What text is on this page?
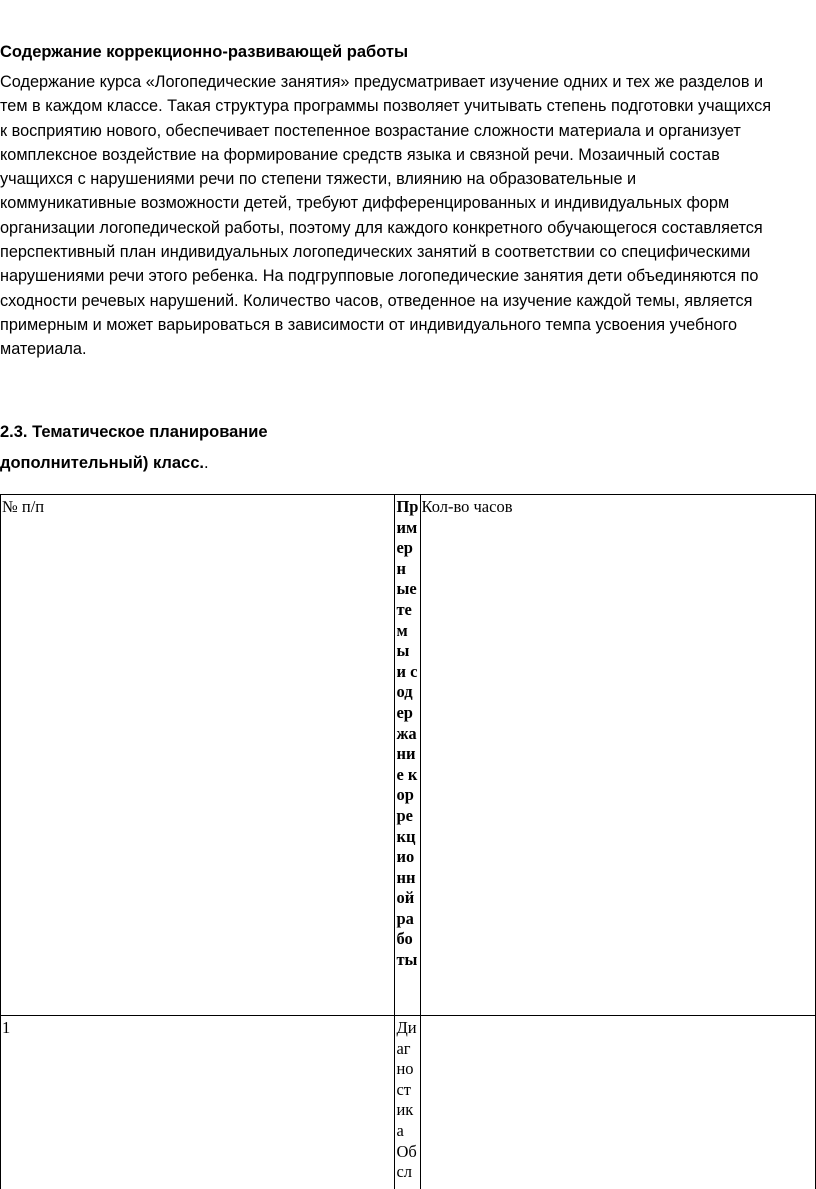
Содержание коррекционно-развивающей работы
Содержание курса «Логопедические занятия» предусматривает изучение одних и тех же разделов и
тем в каждом классе. Такая структура программы позволяет учитывать степень подготовки учащихся
к восприятию нового, обеспечивает постепенное возрастание сложности материала и организует
комплексное воздействие на формирование средств языка и связной речи. Мозаичный состав
учащихся с нарушениями речи по степени тяжести, влиянию на образовательные и
коммуникативные возможности детей, требуют дифференцированных и индивидуальных форм
организации логопедической работы, поэтому для каждого конкретного обучающегося составляется
перспективный план индивидуальных логопедических занятий в соответствии со специфическими
нарушениями речи этого ребенка. На подгрупповые логопедические занятия дети объединяются по
сходности речевых нарушений. Количество часов, отведенное на изучение каждой темы, является
примерным и может варьироваться в зависимости от индивидуального темпа усвоения учебного
материала.
2.3. Тематическое планирование
дополнительный) класс..
№ п/п	Примерные темы и содержание коррекционной работы	Кол-во часов
1	Диагностика Обсл	
